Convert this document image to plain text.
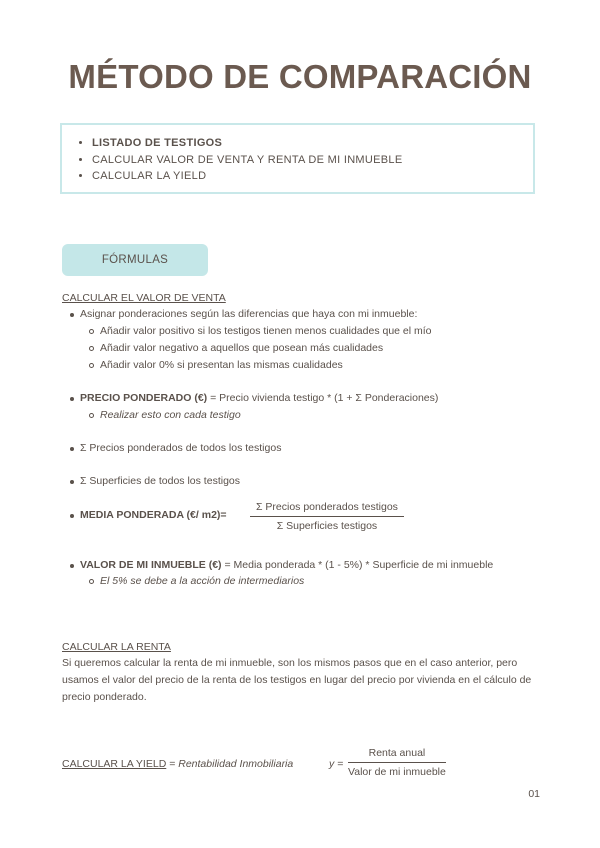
MÉTODO DE COMPARACIÓN
• LISTADO DE TESTIGOS
• CALCULAR VALOR DE VENTA Y RENTA DE MI INMUEBLE
• CALCULAR LA YIELD
FÓRMULAS
CALCULAR EL VALOR DE VENTA
Asignar ponderaciones según las diferencias que haya con mi inmueble:
Añadir valor positivo si los testigos tienen menos cualidades que el mío
Añadir valor negativo a aquellos que posean más cualidades
Añadir valor 0% si presentan las mismas cualidades
PRECIO PONDERADO (€) = Precio vivienda testigo * (1 + Σ Ponderaciones)
Realizar esto con cada testigo
Σ Precios ponderados de todos los testigos
Σ Superficies de todos los testigos
MEDIA PONDERADA (€/ m2)=
Σ Precios ponderados testigos
Σ Superficies testigos
VALOR DE MI INMUEBLE (€) = Media ponderada * (1 - 5%) * Superficie de mi inmueble
El 5% se debe a la acción de intermediarios
CALCULAR LA RENTA
Si queremos calcular la renta de mi inmueble, son los mismos pasos que en el caso anterior, pero usamos el valor del precio de la renta de los testigos en lugar del precio por vivienda en el cálculo de precio ponderado.
CALCULAR LA YIELD = Rentabilidad Inmobiliaria	y =
Renta anual
Valor de mi inmueble
01
